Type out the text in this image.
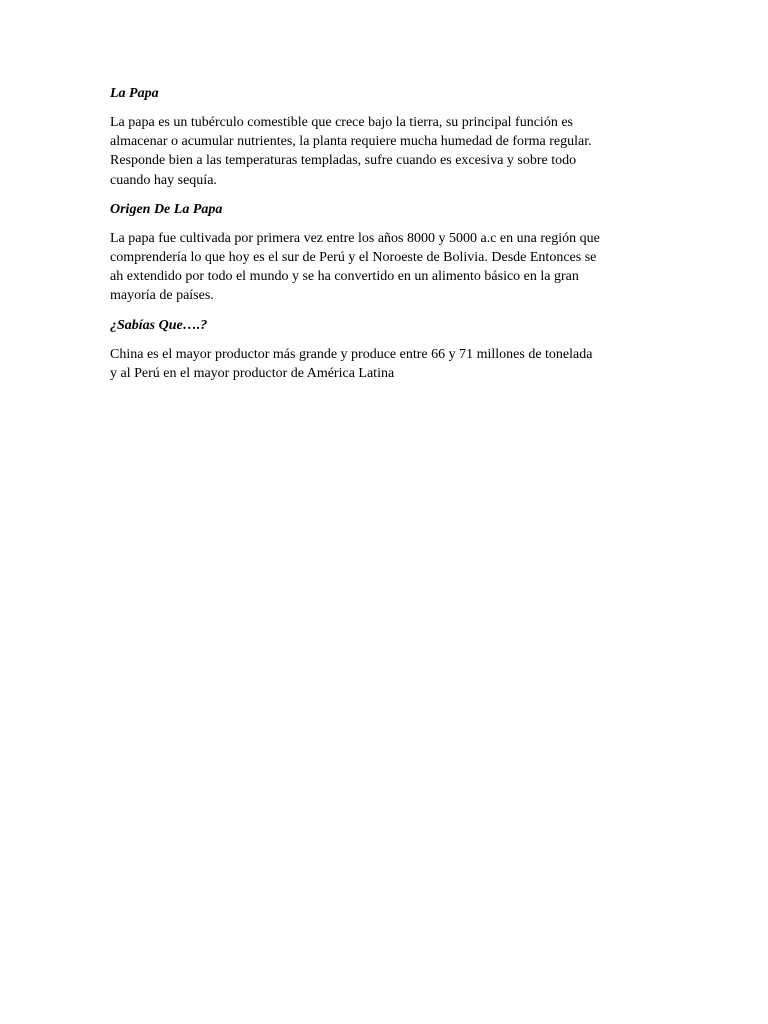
La Papa

La papa es un tubérculo comestible que crece bajo la tierra, su principal función es
almacenar o acumular nutrientes, la planta requiere mucha humedad de forma regular.
Responde bien a las temperaturas templadas, sufre cuando es excesiva y sobre todo
cuando hay sequía.

Origen De La Papa

La papa fue cultivada por primera vez entre los años 8000 y 5000 a.c en una región que
comprendería lo que hoy es el sur de Perú y el Noroeste de Bolivia. Desde Entonces se
ah extendido por todo el mundo y se ha convertido en un alimento básico en la gran
mayoría de países.

¿Sabías Que….?

China es el mayor productor más grande y produce entre 66 y 71 millones de tonelada
y al Perú en el mayor productor de América Latina
